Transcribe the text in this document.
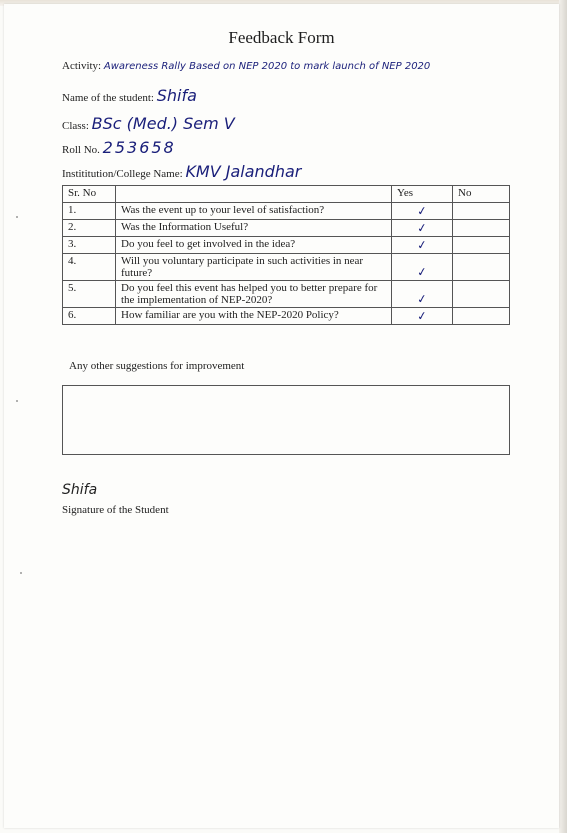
Feedback Form
Activity: Awareness Rally Based on NEP 2020 to mark launch of NEP 2020
Name of the student: Shifa
Class: BSc (Med.) Sem V
Roll No. 253658
Instititution/College Name: KMV Jalandhar
Sr. No		Yes	No
1.	Was the event up to your level of satisfaction?	✓	

2.	Was the Information Useful?	✓	

3.	Do you feel to get involved in the idea?	✓	

4.	Will you voluntary participate in such activities in near future?	✓	

5.	Do you feel this event has helped you to better prepare for the implementation of NEP-2020?	✓	

6.	How familiar are you with the NEP-2020 Policy?	✓	

Any other suggestions for improvement
Shifa
Signature of the Student
